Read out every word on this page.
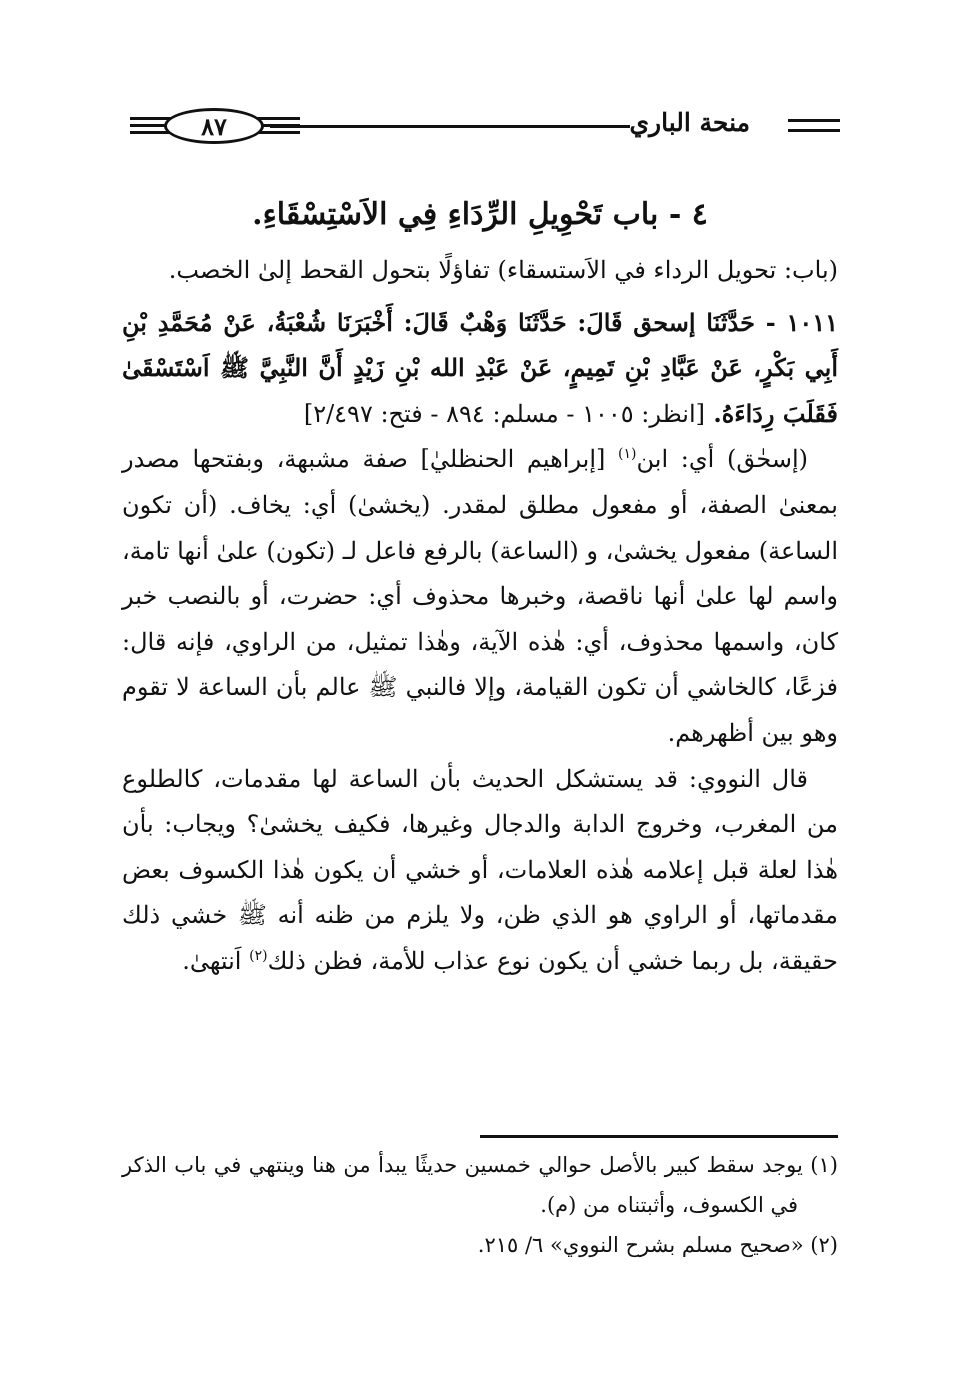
٨٧	منحة الباري
٤ - باب تَحْوِيلِ الرِّدَاءِ فِي الاَسْتِسْقَاءِ.

(باب: تحويل الرداء في الاَستسقاء) تفاؤلًا بتحول القحط إلىٰ الخصب.

١٠١١ - حَدَّثَنَا إسحق قَالَ: حَدَّثَنَا وَهْبٌ قَالَ: أَخْبَرَنَا شُعْبَةُ، عَنْ مُحَمَّدِ بْنِ أَبِي بَكْرٍ، عَنْ عَبَّادِ بْنِ تَمِيمٍ، عَنْ عَبْدِ الله بْنِ زَيْدٍ أَنَّ النَّبِيَّ ﷺ اَسْتَسْقَىٰ فَقَلَبَ رِدَاءَهُ. [انظر: ١٠٠٥ - مسلم: ٨٩٤ - فتح: ٢/٤٩٧]

(إسحٰق) أي: ابن$^{(١)}$ [إبراهيم الحنظليٰ] صفة مشبهة، وبفتحها مصدر بمعنىٰ الصفة، أو مفعول مطلق لمقدر. (يخشىٰ) أي: يخاف. (أن تكون الساعة) مفعول يخشىٰ، و (الساعة) بالرفع فاعل لـ (تكون) علىٰ أنها تامة، واسم لها علىٰ أنها ناقصة، وخبرها محذوف أي: حضرت، أو بالنصب خبر كان، واسمها محذوف، أي: هٰذه الآية، وهٰذا تمثيل، من الراوي، فإنه قال: فزعًا، كالخاشي أن تكون القيامة، وإلا فالنبي ﷺ عالم بأن الساعة لا تقوم وهو بين أظهرهم.

قال النووي: قد يستشكل الحديث بأن الساعة لها مقدمات، كالطلوع من المغرب، وخروج الدابة والدجال وغيرها، فكيف يخشىٰ؟ ويجاب: بأن هٰذا لعلة قبل إعلامه هٰذه العلامات، أو خشي أن يكون هٰذا الكسوف بعض مقدماتها، أو الراوي هو الذي ظن، ولا يلزم من ظنه أنه ﷺ خشي ذلك حقيقة، بل ربما خشي أن يكون نوع عذاب للأمة، فظن ذلك$^{(٢)}$ اَنتهىٰ.

(١) يوجد سقط كبير بالأصل حوالي خمسين حديثًا يبدأ من هنا وينتهي في باب الذكر في الكسوف، وأثبتناه من (م).

(٢) «صحيح مسلم بشرح النووي» ٦/ ٢١٥.
